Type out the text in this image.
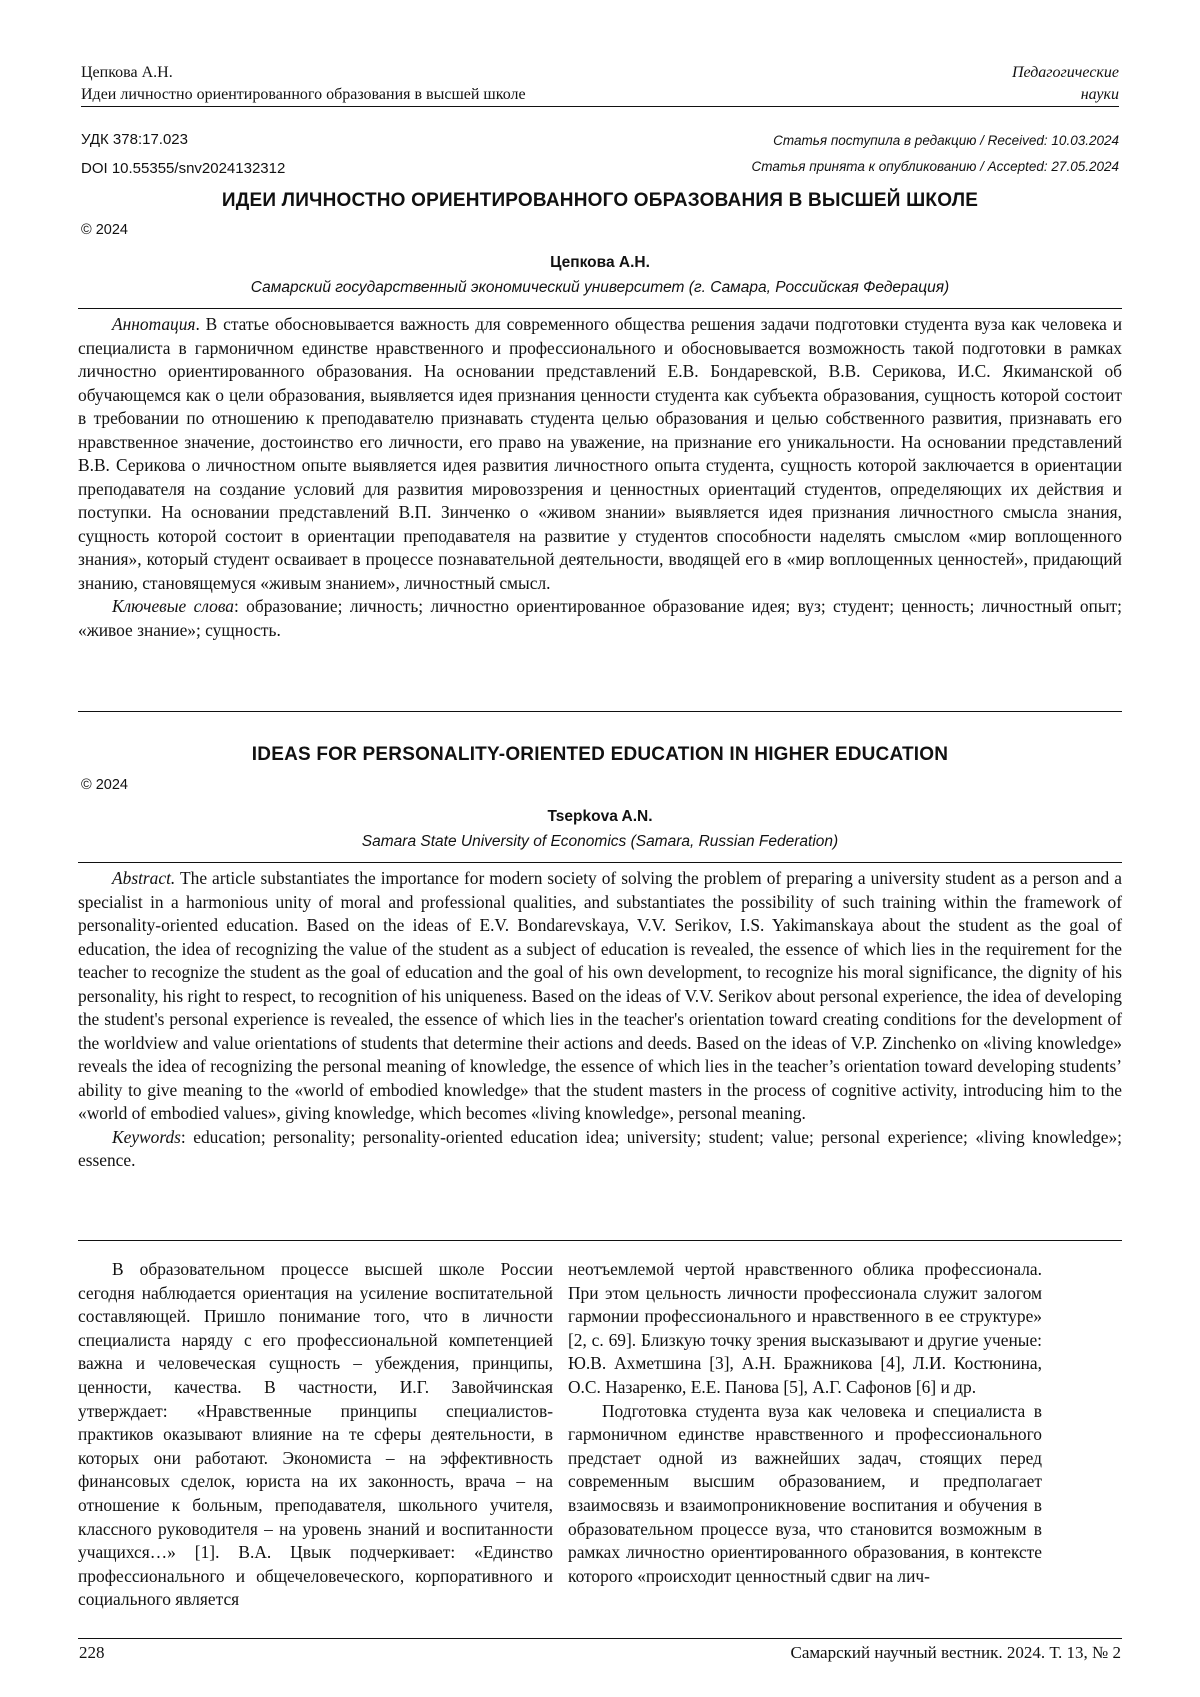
Цепкова А.Н.
Идеи личностно ориентированного образования в высшей школе
Педагогические
науки
УДК 378:17.023
DOI 10.55355/snv2024132312
Статья поступила в редакцию / Received: 10.03.2024
Статья принята к опубликованию / Accepted: 27.05.2024
ИДЕИ ЛИЧНОСТНО ОРИЕНТИРОВАННОГО ОБРАЗОВАНИЯ В ВЫСШЕЙ ШКОЛЕ
© 2024
Цепкова А.Н.
Самарский государственный экономический университет (г. Самара, Российская Федерация)

Аннотация. В статье обосновывается важность для современного общества решения задачи подготовки студента вуза как человека и специалиста в гармоничном единстве нравственного и профессионального и обосновывается возможность такой подготовки в рамках личностно ориентированного образования. На основании представлений Е.В. Бондаревской, В.В. Серикова, И.С. Якиманской об обучающемся как о цели образования, выявляется идея признания ценности студента как субъекта образования, сущность которой состоит в требовании по отношению к преподавателю признавать студента целью образования и целью собственного развития, признавать его нравственное значение, достоинство его личности, его право на уважение, на признание его уникальности. На основании представлений В.В. Серикова о личностном опыте выявляется идея развития личностного опыта студента, сущность которой заключается в ориентации преподавателя на создание условий для развития мировоззрения и ценностных ориентаций студентов, определяющих их действия и поступки. На основании представлений В.П. Зинченко о «живом знании» выявляется идея признания личностного смысла знания, сущность которой состоит в ориентации преподавателя на развитие у студентов способности наделять смыслом «мир воплощенного знания», который студент осваивает в процессе познавательной деятельности, вводящей его в «мир воплощенных ценностей», придающий знанию, становящемуся «живым знанием», личностный смысл.

Ключевые слова: образование; личность; личностно ориентированное образование идея; вуз; студент; ценность; личностный опыт; «живое знание»; сущность.

IDEAS FOR PERSONALITY-ORIENTED EDUCATION IN HIGHER EDUCATION
© 2024
Tsepkova A.N.
Samara State University of Economics (Samara, Russian Federation)

Abstract. The article substantiates the importance for modern society of solving the problem of preparing a university student as a person and a specialist in a harmonious unity of moral and professional qualities, and substantiates the possibility of such training within the framework of personality-oriented education. Based on the ideas of E.V. Bondarevskaya, V.V. Serikov, I.S. Yakimanskaya about the student as the goal of education, the idea of recognizing the value of the student as a subject of education is revealed, the essence of which lies in the requirement for the teacher to recognize the student as the goal of education and the goal of his own development, to recognize his moral significance, the dignity of his personality, his right to respect, to recognition of his uniqueness. Based on the ideas of V.V. Serikov about personal experience, the idea of developing the student's personal experience is revealed, the essence of which lies in the teacher's orientation toward creating conditions for the development of the worldview and value orientations of students that determine their actions and deeds. Based on the ideas of V.P. Zinchenko on «living knowledge» reveals the idea of recognizing the personal meaning of knowledge, the essence of which lies in the teacher’s orientation toward developing students’ ability to give meaning to the «world of embodied knowledge» that the student masters in the process of cognitive activity, introducing him to the «world of embodied values», giving knowledge, which becomes «living knowledge», personal meaning.

Keywords: education; personality; personality-oriented education idea; university; student; value; personal experience; «living knowledge»; essence.

В образовательном процессе высшей школе России сегодня наблюдается ориентация на усиление воспитательной составляющей. Пришло понимание того, что в личности специалиста наряду с его профессиональной компетенцией важна и человеческая сущность – убеждения, принципы, ценности, качества. В частности, И.Г. Завойчинская утверждает: «Нравственные принципы специалистов-практиков оказывают влияние на те сферы деятельности, в которых они работают. Экономиста – на эффективность финансовых сделок, юриста на их законность, врача – на отношение к больным, преподавателя, школьного учителя, классного руководителя – на уровень знаний и воспитанности учащихся…» [1]. В.А. Цвык подчеркивает: «Единство профессионального и общечеловеческого, корпоративного и социального является

неотъемлемой чертой нравственного облика професcионала. При этом цельность личности профессионала служит залогом гармонии профессионального и нравственного в ее структуре» [2, с. 69]. Близкую точку зрения высказывают и другие ученые: Ю.В. Ахметшина [3], А.Н. Бражникова [4], Л.И. Костюнина, О.С. Назаренко, Е.Е. Панова [5], А.Г. Сафонов [6] и др.

Подготовка студента вуза как человека и специалиста в гармоничном единстве нравственного и профессионального предстает одной из важнейших задач, стоящих перед современным высшим образованием, и предполагает взаимосвязь и взаимопроникновение воспитания и обучения в образовательном процессе вуза, что становится возможным в рамках личностно ориентированного образования, в контексте которого «происходит ценностный сдвиг на лич-

228	Самарский научный вестник. 2024. Т. 13, № 2
